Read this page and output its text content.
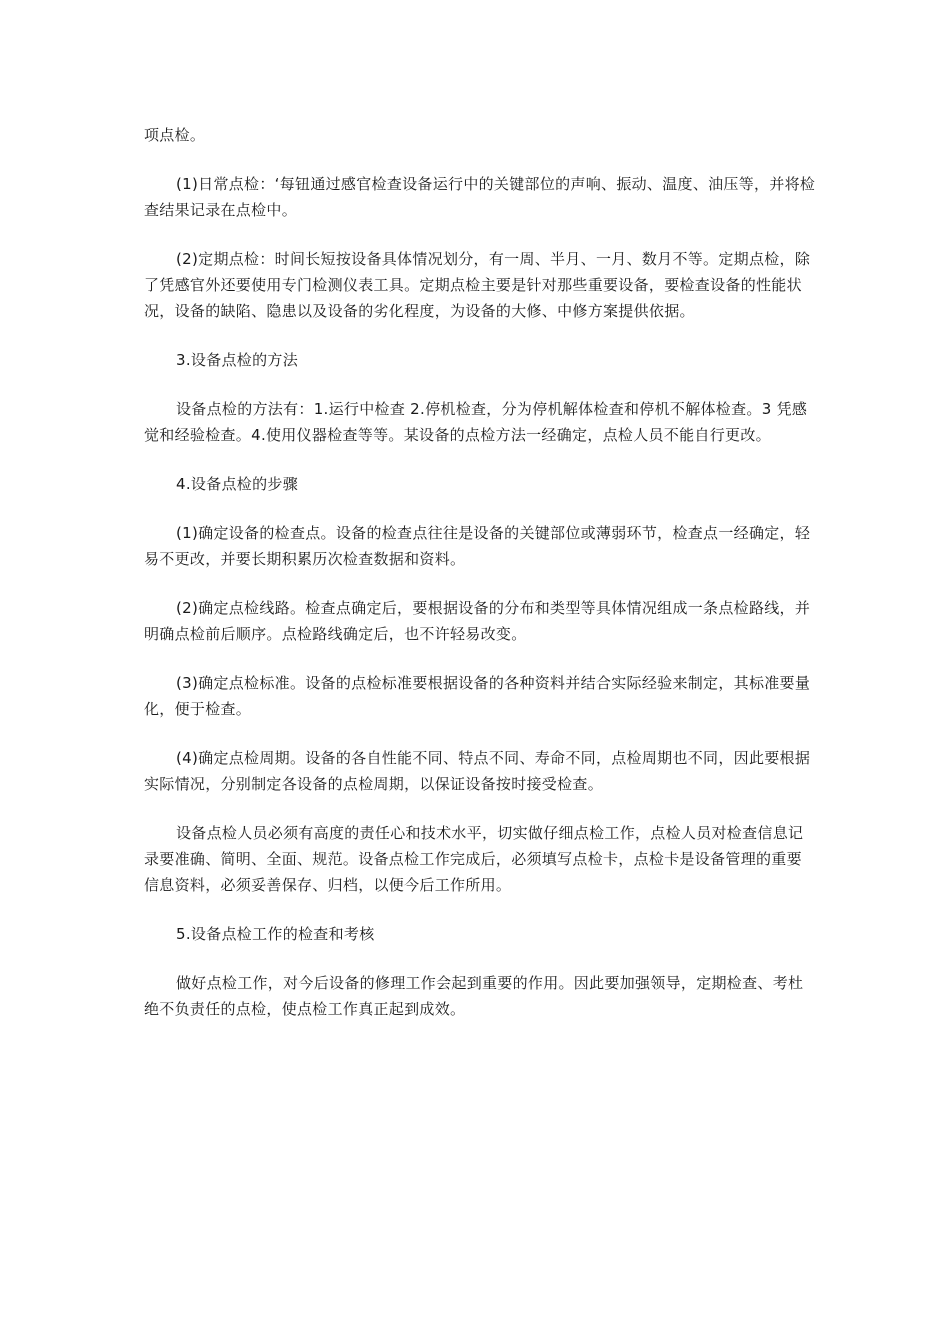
项点检。

(1)日常点检：‘每钮通过感官检查设备运行中的关键部位的声响、振动、温度、油压等，并将检查结果记录在点检中。

(2)定期点检：时间长短按设备具体情况划分，有一周、半月、一月、数月不等。定期点检，除了凭感官外还要使用专门检测仪表工具。定期点检主要是针对那些重要设备，要检查设备的性能状况，设备的缺陷、隐患以及设备的劣化程度，为设备的大修、中修方案提供依据。

3.设备点检的方法

设备点检的方法有：1.运行中检查 2.停机检查，分为停机解体检查和停机不解体检查。3 凭感觉和经验检查。4.使用仪器检查等等。某设备的点检方法一经确定，点检人员不能自行更改。

4.设备点检的步骤

(1)确定设备的检查点。设备的检查点往往是设备的关键部位或薄弱环节，检查点一经确定，轻易不更改，并要长期积累历次检查数据和资料。

(2)确定点检线路。检查点确定后，要根据设备的分布和类型等具体情况组成一条点检路线，并明确点检前后顺序。点检路线确定后，也不许轻易改变。

(3)确定点检标准。设备的点检标准要根据设备的各种资料并结合实际经验来制定，其标准要量化，便于检查。

(4)确定点检周期。设备的各自性能不同、特点不同、寿命不同，点检周期也不同，因此要根据实际情况，分别制定各设备的点检周期，以保证设备按时接受检查。

设备点检人员必须有高度的责任心和技术水平，切实做仔细点检工作，点检人员对检查信息记录要准确、简明、全面、规范。设备点检工作完成后，必须填写点检卡，点检卡是设备管理的重要信息资料，必须妥善保存、归档，以便今后工作所用。

5.设备点检工作的检查和考核

做好点检工作，对今后设备的修理工作会起到重要的作用。因此要加强领导，定期检查、考杜绝不负责任的点检，使点检工作真正起到成效。
